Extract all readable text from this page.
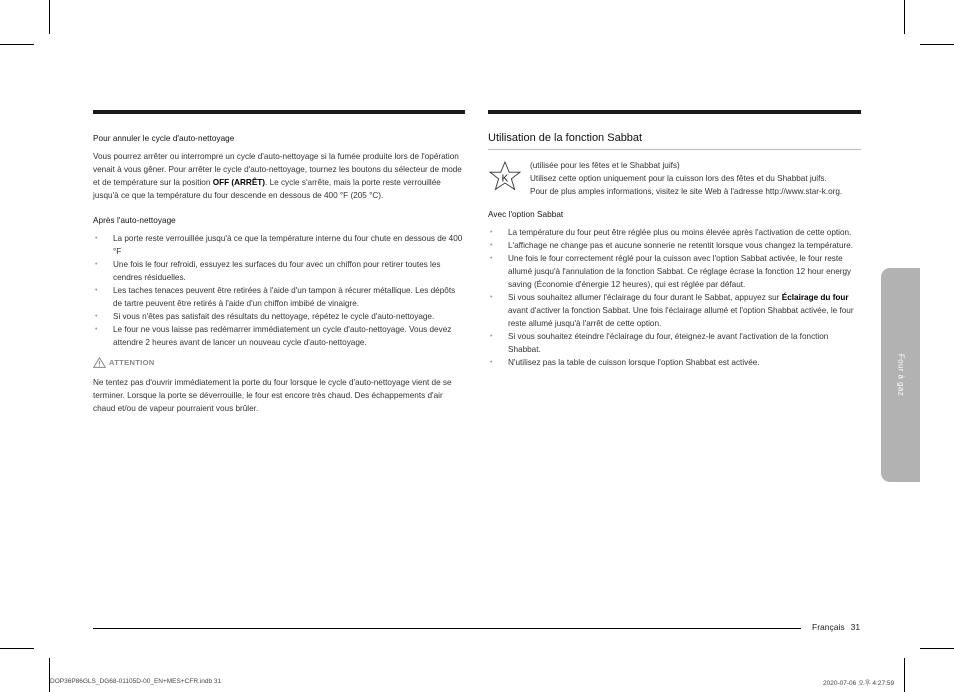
Pour annuler le cycle d'auto-nettoyage

Vous pourrez arrêter ou interrompre un cycle d'auto-nettoyage si la fumée produite lors de l'opération venait à vous gêner. Pour arrêter le cycle d'auto-nettoyage, tournez les boutons du sélecteur de mode et de température sur la position OFF (ARRÊT). Le cycle s'arrête, mais la porte reste verrouillée jusqu'à ce que la température du four descende en dessous de 400 °F (205 °C).

Après l'auto-nettoyage
• La porte reste verrouillée jusqu'à ce que la température interne du four chute en dessous de 400 °F
• Une fois le four refroidi, essuyez les surfaces du four avec un chiffon pour retirer toutes les cendres résiduelles.
• Les taches tenaces peuvent être retirées à l'aide d'un tampon à récurer métallique. Les dépôts de tartre peuvent être retirés à l'aide d'un chiffon imbibé de vinaigre.
• Si vous n'êtes pas satisfait des résultats du nettoyage, répétez le cycle d'auto-nettoyage.
• Le four ne vous laisse pas redémarrer immédiatement un cycle d'auto-nettoyage. Vous devez attendre 2 heures avant de lancer un nouveau cycle d'auto-nettoyage.
ATTENTION

Ne tentez pas d'ouvrir immédiatement la porte du four lorsque le cycle d'auto-nettoyage vient de se terminer. Lorsque la porte se déverrouille, le four est encore très chaud. Des échappements d'air chaud et/ou de vapeur pourraient vous brûler.

Utilisation de la fonction Sabbat
K

(utilisée pour les fêtes et le Shabbat juifs)

Utilisez cette option uniquement pour la cuisson lors des fêtes et du Shabbat juifs.

Pour de plus amples informations, visitez le site Web à l'adresse http://www.star-k.org.

Avec l'option Sabbat
• La température du four peut être réglée plus ou moins élevée après l'activation de cette option.
• L'affichage ne change pas et aucune sonnerie ne retentit lorsque vous changez la température.
• Une fois le four correctement réglé pour la cuisson avec l'option Sabbat activée, le four reste allumé jusqu'à l'annulation de la fonction Sabbat. Ce réglage écrase la fonction 12 hour energy saving (Économie d'énergie 12 heures), qui est réglée par défaut.
• Si vous souhaitez allumer l'éclairage du four durant le Sabbat, appuyez sur Éclairage du four avant d'activer la fonction Sabbat. Une fois l'éclairage allumé et l'option Shabbat activée, le four reste allumé jusqu'à l'arrêt de cette option.
• Si vous souhaitez éteindre l'éclairage du four, éteignez-le avant l'activation de la fonction Shabbat.
• N'utilisez pas la table de cuisson lorsque l'option Shabbat est activée.	Four à gaz
Français 31
DOP36P86GLS_DG68-01105D-00_EN+MES+CFR.indb 31	2020-07-06 오후 4:27:59
